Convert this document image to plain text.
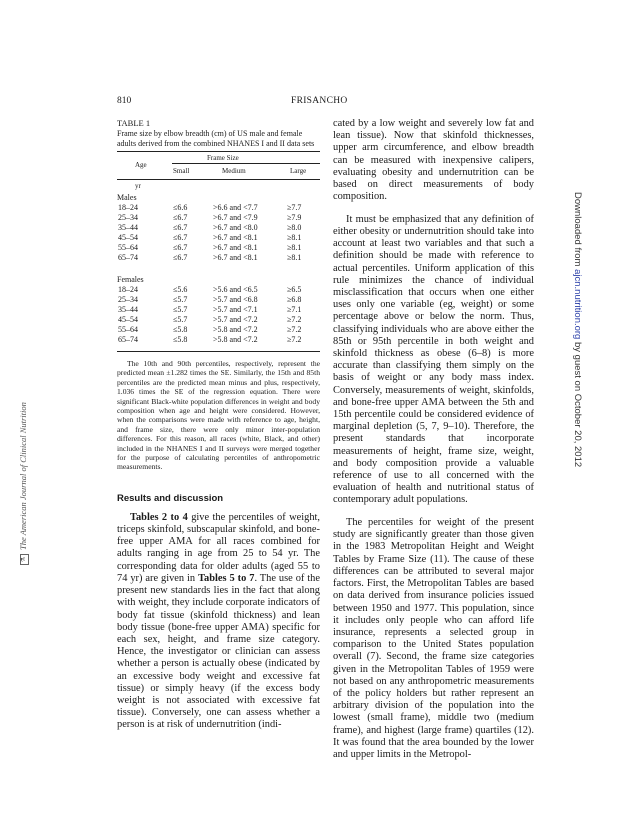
810	FRISANCHO
⚗The American Journal of Clinical Nutrition
Downloaded from ajcn.nutrition.org by guest on October 20, 2012
TABLE 1
Frame size by elbow breadth (cm) of US male and female adults derived from the combined NHANES I and II data sets
Age
Frame Size
Small	Medium	Large
yr
Males
18–24	≤6.6	>6.6 and <7.7	≥7.7
25–34	≤6.7	>6.7 and <7.9	≥7.9
35–44	≤6.7	>6.7 and <8.0	≥8.0
45–54	≤6.7	>6.7 and <8.1	≥8.1
55–64	≤6.7	>6.7 and <8.1	≥8.1
65–74	≤6.7	>6.7 and <8.1	≥8.1
Females
18–24	≤5.6	>5.6 and <6.5	≥6.5
25–34	≤5.7	>5.7 and <6.8	≥6.8
35–44	≤5.7	>5.7 and <7.1	≥7.1
45–54	≤5.7	>5.7 and <7.2	≥7.2
55–64	≤5.8	>5.8 and <7.2	≥7.2
65–74	≤5.8	>5.8 and <7.2	≥7.2
The 10th and 90th percentiles, respectively, represent the predicted mean ±1.282 times the SE. Similarly, the 15th and 85th percentiles are the predicted mean minus and plus, respectively, 1.036 times the SE of the regression equation. There were significant Black-white population differences in weight and body composition when age and height were considered. However, when the comparisons were made with reference to age, height, and frame size, there were only minor inter-population differences. For this reason, all races (white, Black, and other) included in the NHANES I and II surveys were merged together for the purpose of calculating percentiles of anthropometric measurements.
Results and discussion

Tables 2 to 4 give the percentiles of weight, triceps skinfold, subscapular skinfold, and bone-free upper AMA for all races combined for adults ranging in age from 25 to 54 yr. The corresponding data for older adults (aged 55 to 74 yr) are given in Tables 5 to 7. The use of the present new standards lies in the fact that along with weight, they include corporate indicators of body fat tissue (skinfold thickness) and lean body tissue (bone-free upper AMA) specific for each sex, height, and frame size category. Hence, the investigator or clinician can assess whether a person is actually obese (indicated by an excessive body weight and excessive fat tissue) or simply heavy (if the excess body weight is not associated with excessive fat tissue). Conversely, one can assess whether a person is at risk of undernutrition (indi-

cated by a low weight and severely low fat and lean tissue). Now that skinfold thicknesses, upper arm circumference, and elbow breadth can be measured with inexpensive calipers, evaluating obesity and undernutrition can be based on direct measurements of body composition.

It must be emphasized that any definition of either obesity or undernutrition should take into account at least two variables and that such a definition should be made with reference to actual percentiles. Uniform application of this rule minimizes the chance of individual misclassification that occurs when one either uses only one variable (eg, weight) or some percentage above or below the norm. Thus, classifying individuals who are above either the 85th or 95th percentile in both weight and skinfold thickness as obese (6–8) is more accurate than classifying them simply on the basis of weight or any body mass index. Conversely, measurements of weight, skinfolds, and bone-free upper AMA between the 5th and 15th percentile could be considered evidence of marginal depletion (5, 7, 9–10). Therefore, the present standards that incorporate measurements of height, frame size, weight, and body composition provide a valuable reference of use to all concerned with the evaluation of health and nutritional status of contemporary adult populations.

The percentiles for weight of the present study are significantly greater than those given in the 1983 Metropolitan Height and Weight Tables by Frame Size (11). The cause of these differences can be attributed to several major factors. First, the Metropolitan Tables are based on data derived from insurance policies issued between 1950 and 1977. This population, since it includes only people who can afford life insurance, represents a selected group in comparison to the United States population overall (7). Second, the frame size categories given in the Metropolitan Tables of 1959 were not based on any anthropometric measurements of the policy holders but rather represent an arbitrary division of the population into the lowest (small frame), middle two (medium frame), and highest (large frame) quartiles (12). It was found that the area bounded by the lower and upper limits in the Metropol-
